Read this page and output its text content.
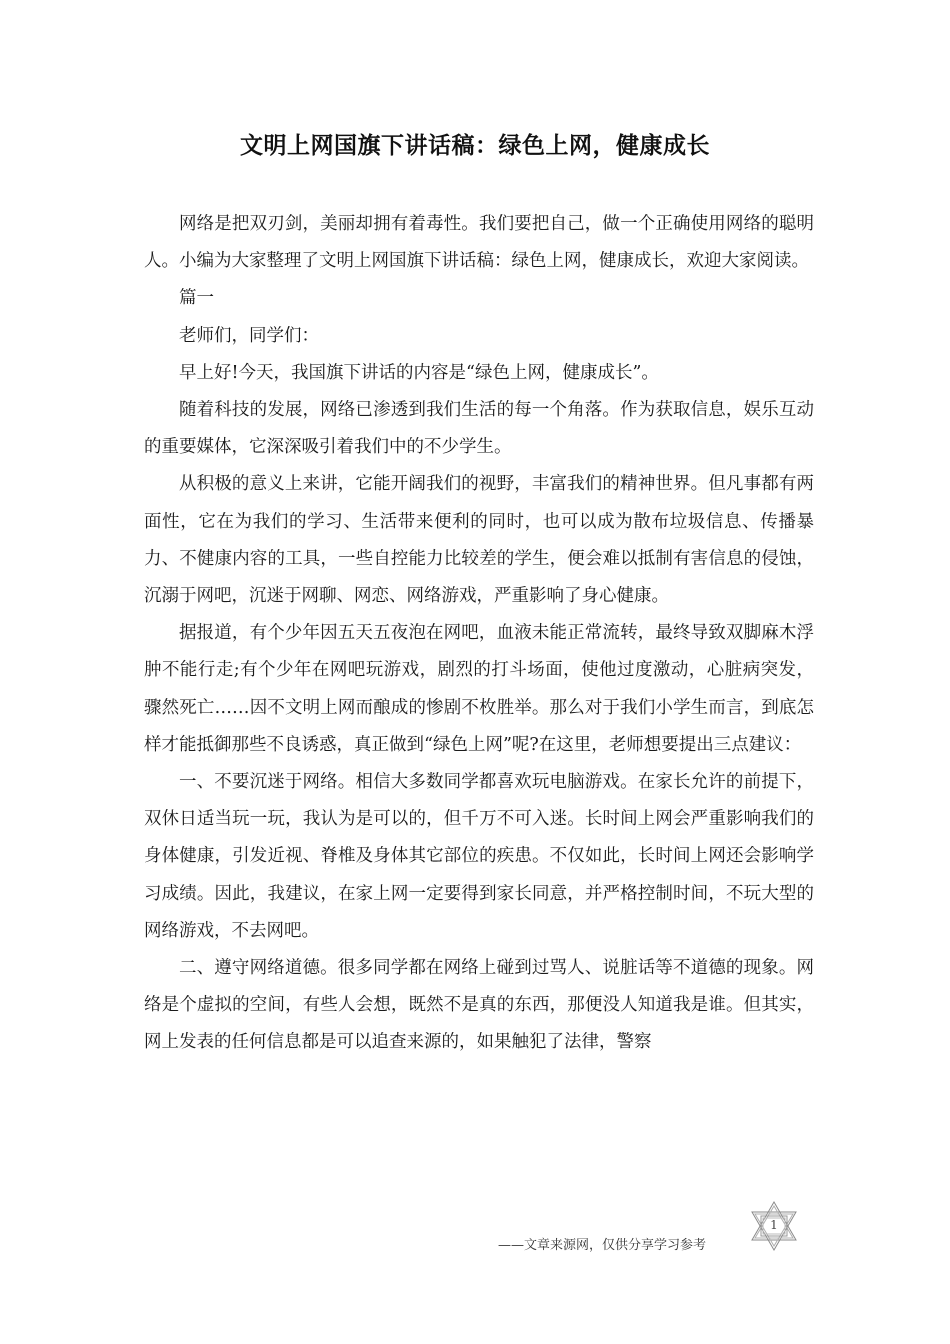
文明上网国旗下讲话稿：绿色上网，健康成长

网络是把双刃剑，美丽却拥有着毒性。我们要把自己，做一个正确使用网络的聪明人。小编为大家整理了文明上网国旗下讲话稿：绿色上网，健康成长，欢迎大家阅读。

篇一

老师们，同学们：

早上好!今天，我国旗下讲话的内容是“绿色上网，健康成长”。

随着科技的发展，网络已渗透到我们生活的每一个角落。作为获取信息，娱乐互动的重要媒体，它深深吸引着我们中的不少学生。

从积极的意义上来讲，它能开阔我们的视野，丰富我们的精神世界。但凡事都有两面性，它在为我们的学习、生活带来便利的同时，也可以成为散布垃圾信息、传播暴力、不健康内容的工具，一些自控能力比较差的学生，便会难以抵制有害信息的侵蚀，沉溺于网吧，沉迷于网聊、网恋、网络游戏，严重影响了身心健康。

据报道，有个少年因五天五夜泡在网吧，血液未能正常流转，最终导致双脚麻木浮肿不能行走;有个少年在网吧玩游戏，剧烈的打斗场面，使他过度激动，心脏病突发，骤然死亡……因不文明上网而酿成的惨剧不枚胜举。那么对于我们小学生而言，到底怎样才能抵御那些不良诱惑，真正做到“绿色上网”呢?在这里，老师想要提出三点建议：

一、不要沉迷于网络。相信大多数同学都喜欢玩电脑游戏。在家长允许的前提下，双休日适当玩一玩，我认为是可以的，但千万不可入迷。长时间上网会严重影响我们的身体健康，引发近视、脊椎及身体其它部位的疾患。不仅如此，长时间上网还会影响学习成绩。因此，我建议，在家上网一定要得到家长同意，并严格控制时间，不玩大型的网络游戏，不去网吧。

二、遵守网络道德。很多同学都在网络上碰到过骂人、说脏话等不道德的现象。网络是个虚拟的空间，有些人会想，既然不是真的东西，那便没人知道我是谁。但其实，网上发表的任何信息都是可以追查来源的，如果触犯了法律，警察

——文章来源网，仅供分享学习参考
1
